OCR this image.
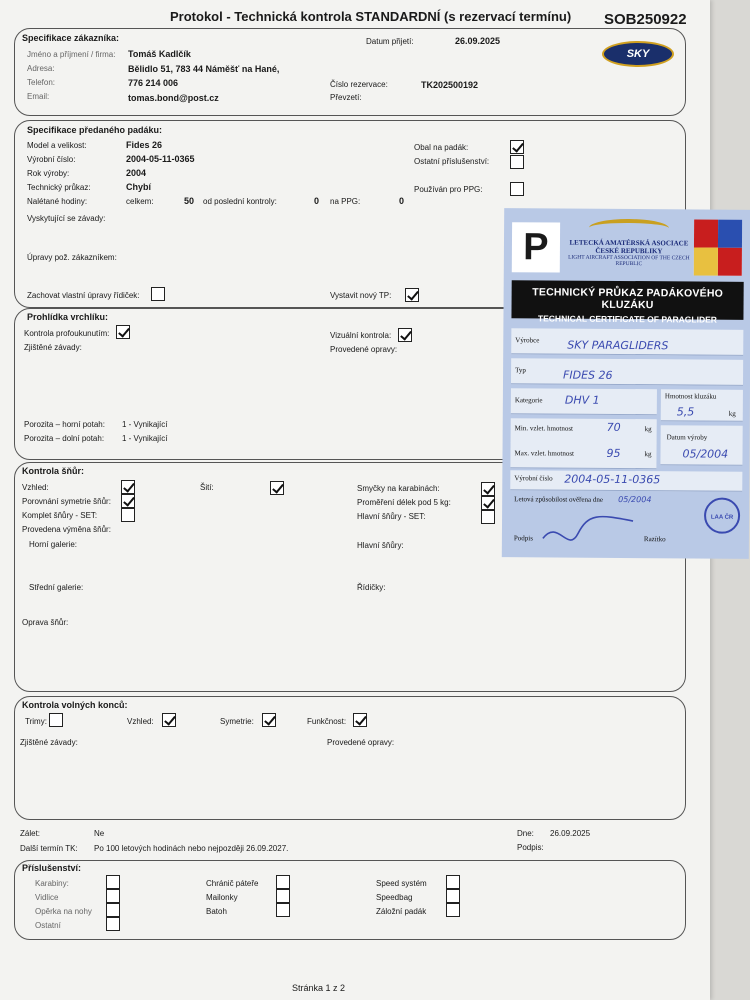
Protokol - Technická kontrola STANDARDNÍ (s rezervací termínu) SOB250922
Specifikace zákazníka:
Jméno a příjmení / firma: Tomáš Kadlčík
Adresa:	Bělidlo 51, 783 44 Náměšť na Hané,
Telefon:	776 214 006
Email:	tomas.bond@post.cz
Datum přijetí:	26.09.2025
Číslo rezervace:	TK202500192
Převzetí:
SKY
Specifikace předaného padáku:
Model a velikost:	Fides 26
Výrobní číslo:	2004-05-11-0365
Rok výroby:	2004
Technický průkaz:	Chybí
Nalétané hodiny:	celkem:	50 od poslední kontroly:	0 na PPG:	0
Vyskytující se závady:
Úpravy pož. zákazníkem:
Zachovat vlastní úpravy řídiček:	Vystavit nový TP:
Obal na padák:
Ostatní příslušenství:
Používán pro PPG:
Prohlídka vrchlíku:
Kontrola profoukunutím:
Zjištěné závady:
Vizuální kontrola:
Provedené opravy:
Porozita – horní potah: 1 - Vynikající
Porozita – dolní potah: 1 - Vynikající
Kontrola šňůr:
Vzhled:
Porovnání symetrie šňůr:
Komplet šňůry - SET:
Provedena výměna šňůr:
Šití:	Smyčky na karabinách:
Proměření délek pod 5 kg:
Hlavní šňůry - SET:
Horní galerie:	Hlavní šňůry:
Střední galerie:	Řídičky:
Oprava šňůr:
Kontrola volných konců:
Trimy:	Vzhled:	Symetrie:	Funkčnost:
Zjištěné závady:	Provedené opravy:
Zálet:	Ne
Další termín TK: Po 100 letových hodinách nebo nejpozději 26.09.2027.
Dne: 26.09.2025
Podpis:
Příslušenství:
Karabiny:
Vidlice
Opěrka na nohy
Ostatní
Chránič páteře
Mailonky
Batoh
Speed systém
Speedbag
Záložní padák
Stránka 1 z 2
P	LETECKÁ AMATÉRSKÁ ASOCIACE ČESKÉ REPUBLIKY
LIGHT AIRCRAFT ASSOCIATION OF THE CZECH REPUBLIC
TECHNICKÝ PRŮKAZ PADÁKOVÉHO KLUZÁKU
TECHNICAL CERTIFICATE OF PARAGLIDER
Výrobce	SKY PARAGLIDERS
Typ	FIDES 26
Kategorie DHV 1	Hmotnost kluzáku
5,5	kg
Min. vzlet. hmotnost	70	kg
Datum výroby
05/2004
Max. vzlet. hmotnost	95	kg
Výrobní číslo 2004-05-11-0365
Letová způsobilost ověřena dne 05/2004
Podpis	Razítko
LAA ČR
